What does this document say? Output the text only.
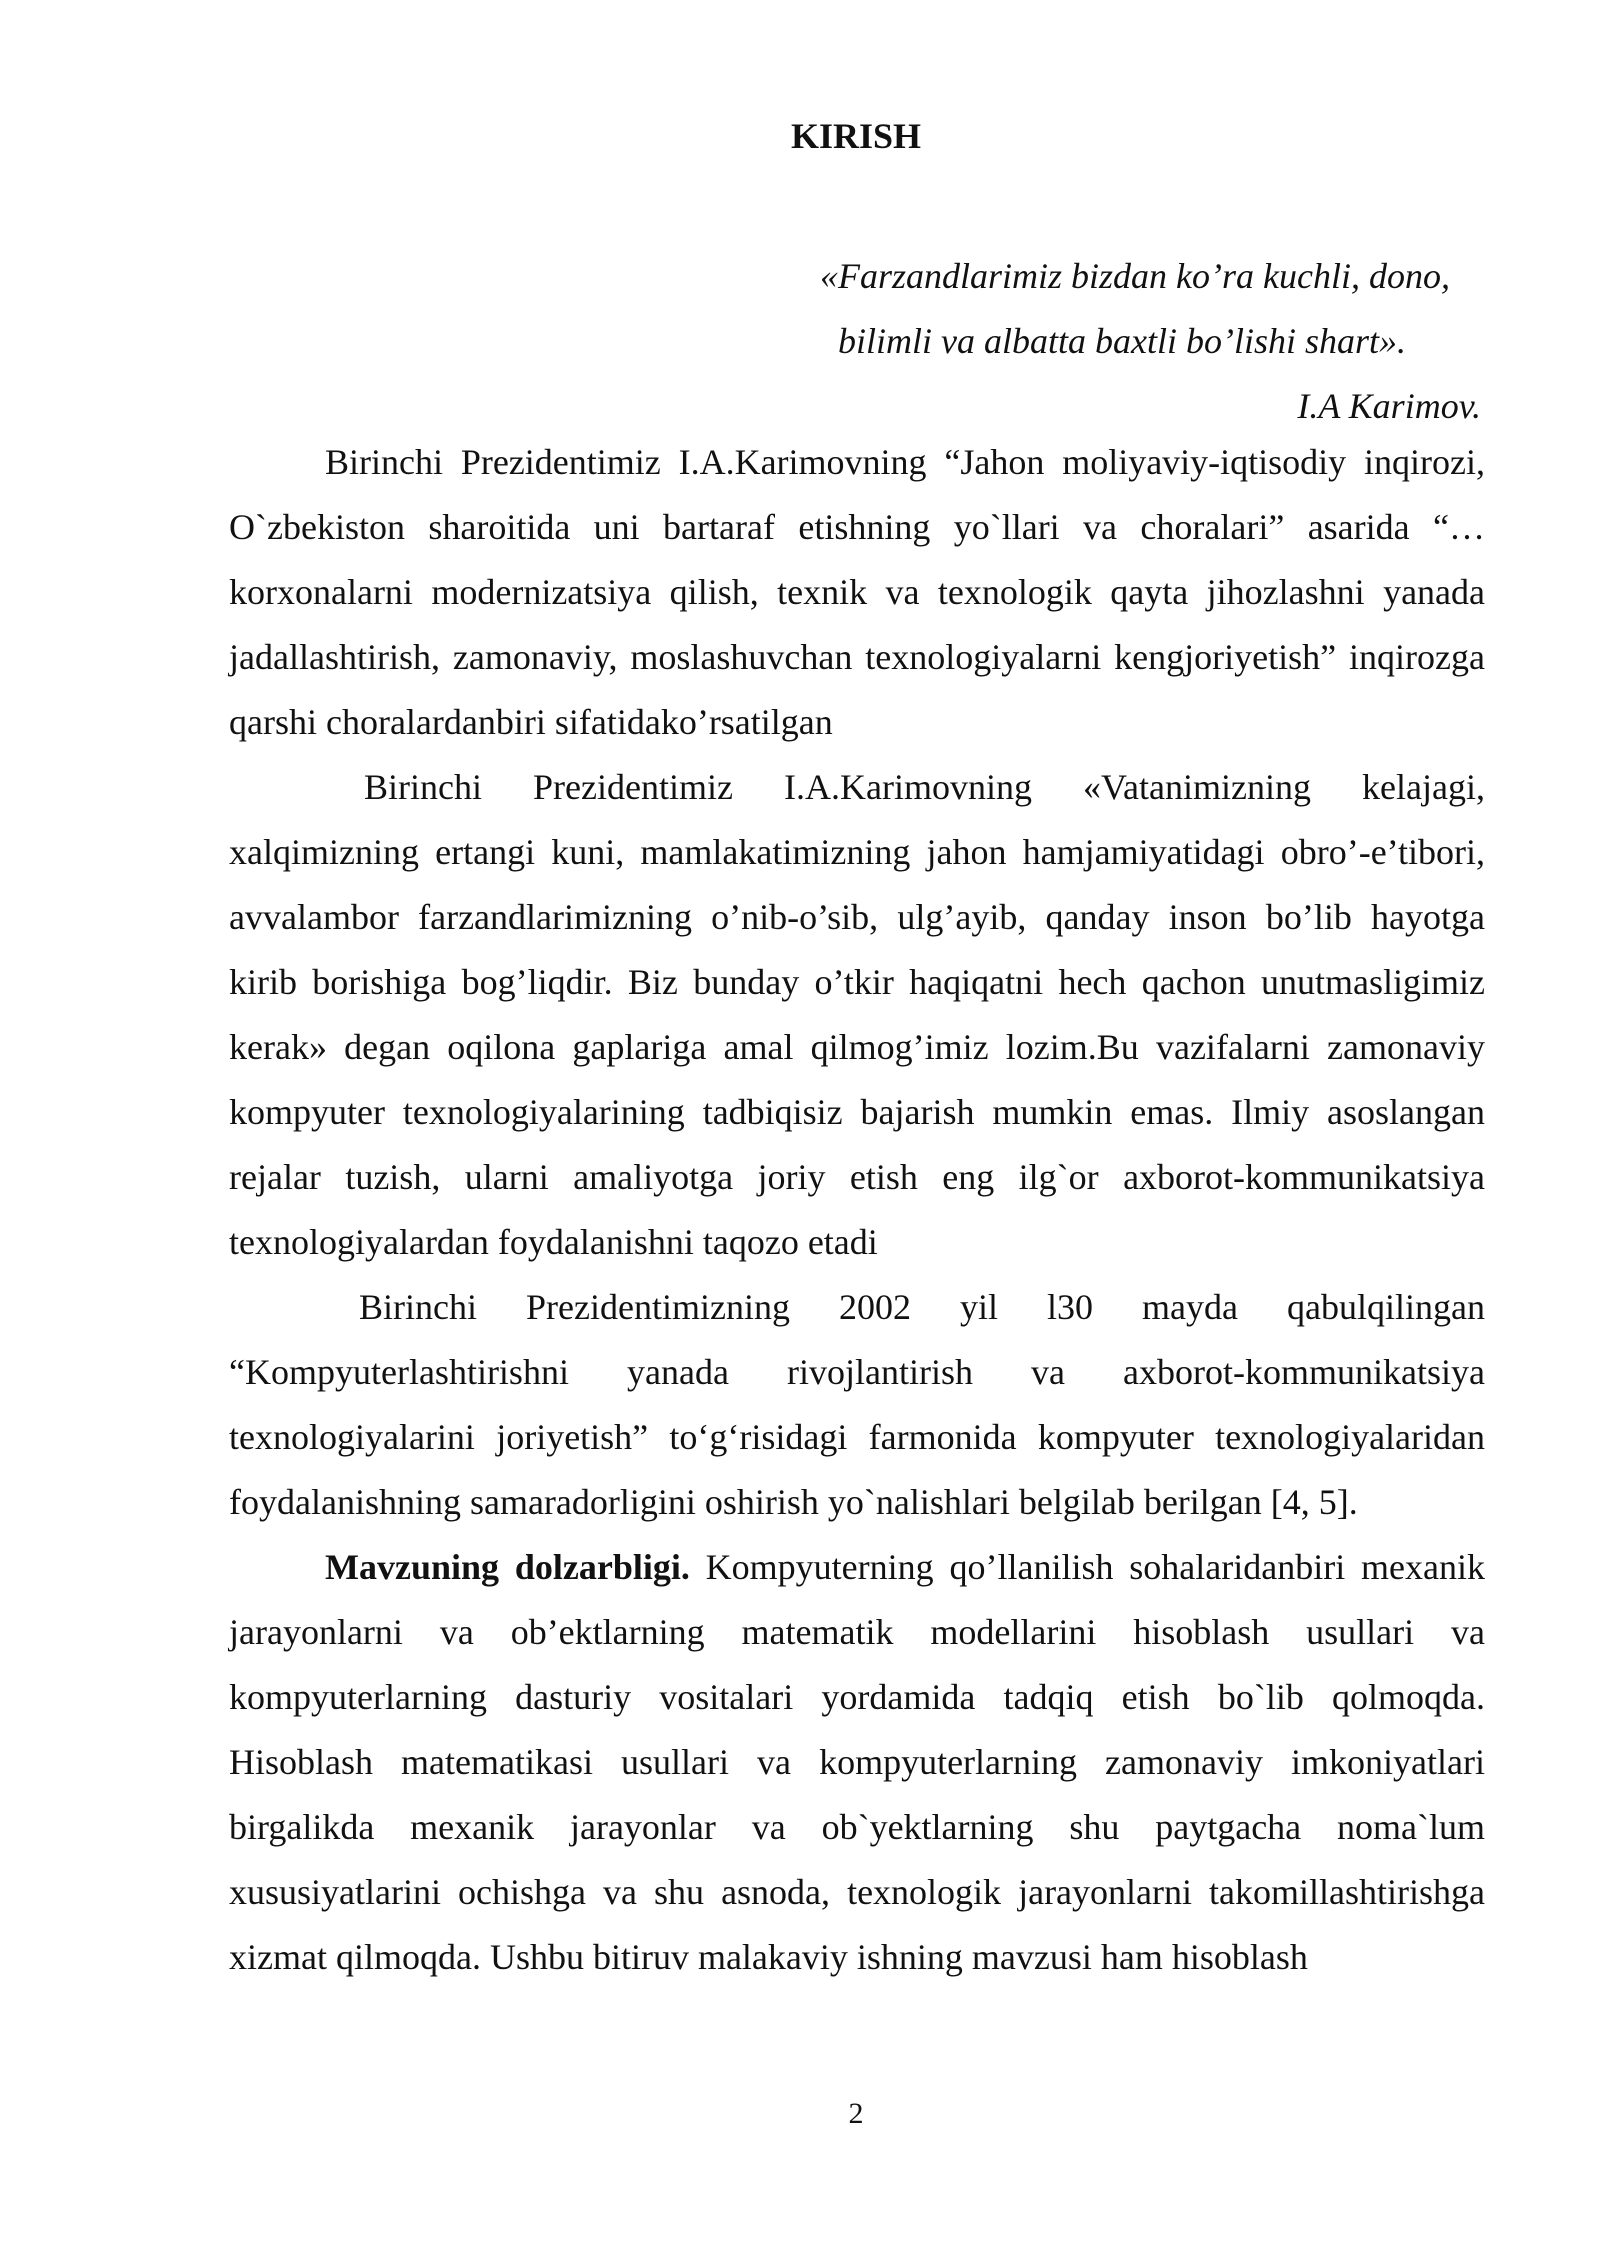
KIRISH
«Farzandlarimiz bizdan ko’ra kuchli, dono,
bilimli va albatta baxtli bo’lishi shart».
I.A Karimov.

Birinchi Prezidentimiz I.A.Karimovning “Jahon moliyaviy-iqtisodiy inqirozi, O`zbekiston sharoitida uni bartaraf etishning yo`llari va choralari” asarida “…korxonalarni modernizatsiya qilish, texnik va texnologik qayta jihozlashni yanada jadallashtirish, zamonaviy, moslashuvchan texnologiyalarni kengjoriyetish” inqirozga qarshi choralardanbiri sifatidako’rsatilgan

Birinchi Prezidentimiz I.A.Karimovning «Vatanimizning kelajagi, xalqimizning ertangi kuni, mamlakatimizning jahon hamjamiyatidagi obro’-e’tibori, avvalambor farzandlarimizning o’nib-o’sib, ulg’ayib, qanday inson bo’lib hayotga kirib borishiga bog’liqdir. Biz bunday o’tkir haqiqatni hech qachon unutmasligimiz kerak» degan oqilona gaplariga amal qilmog’imiz lozim.Bu vazifalarni zamonaviy kompyuter texnologiyalarining tadbiqisiz bajarish mumkin emas. Ilmiy asoslangan rejalar tuzish, ularni amaliyotga joriy etish eng ilg`or axborot-kommunikatsiya texnologiyalardan foydalanishni taqozo etadi

Birinchi Prezidentimizning 2002 yil l30 mayda qabulqilingan “Kompyuterlashtirishni yanada rivojlantirish va axborot-kommunikatsiya texnologiyalarini joriyetish” to‘g‘risidagi farmonida kompyuter texnologiyalaridan foydalanishning samaradorligini oshirish yo`nalishlari belgilab berilgan [4, 5].

Mavzuning dolzarbligi. Kompyuterning qo’llanilish sohalaridanbiri mexanik jarayonlarni va ob’ektlarning matematik modellarini hisoblash usullari va kompyuterlarning dasturiy vositalari yordamida tadqiq etish bo`lib qolmoqda. Hisoblash matematikasi usullari va kompyuterlarning zamonaviy imkoniyatlari birgalikda mexanik jarayonlar va ob`yektlarning shu paytgacha noma`lum xususiyatlarini ochishga va shu asnoda, texnologik jarayonlarni takomillashtirishga xizmat qilmoqda. Ushbu bitiruv malakaviy ishning mavzusi ham hisoblash

2
